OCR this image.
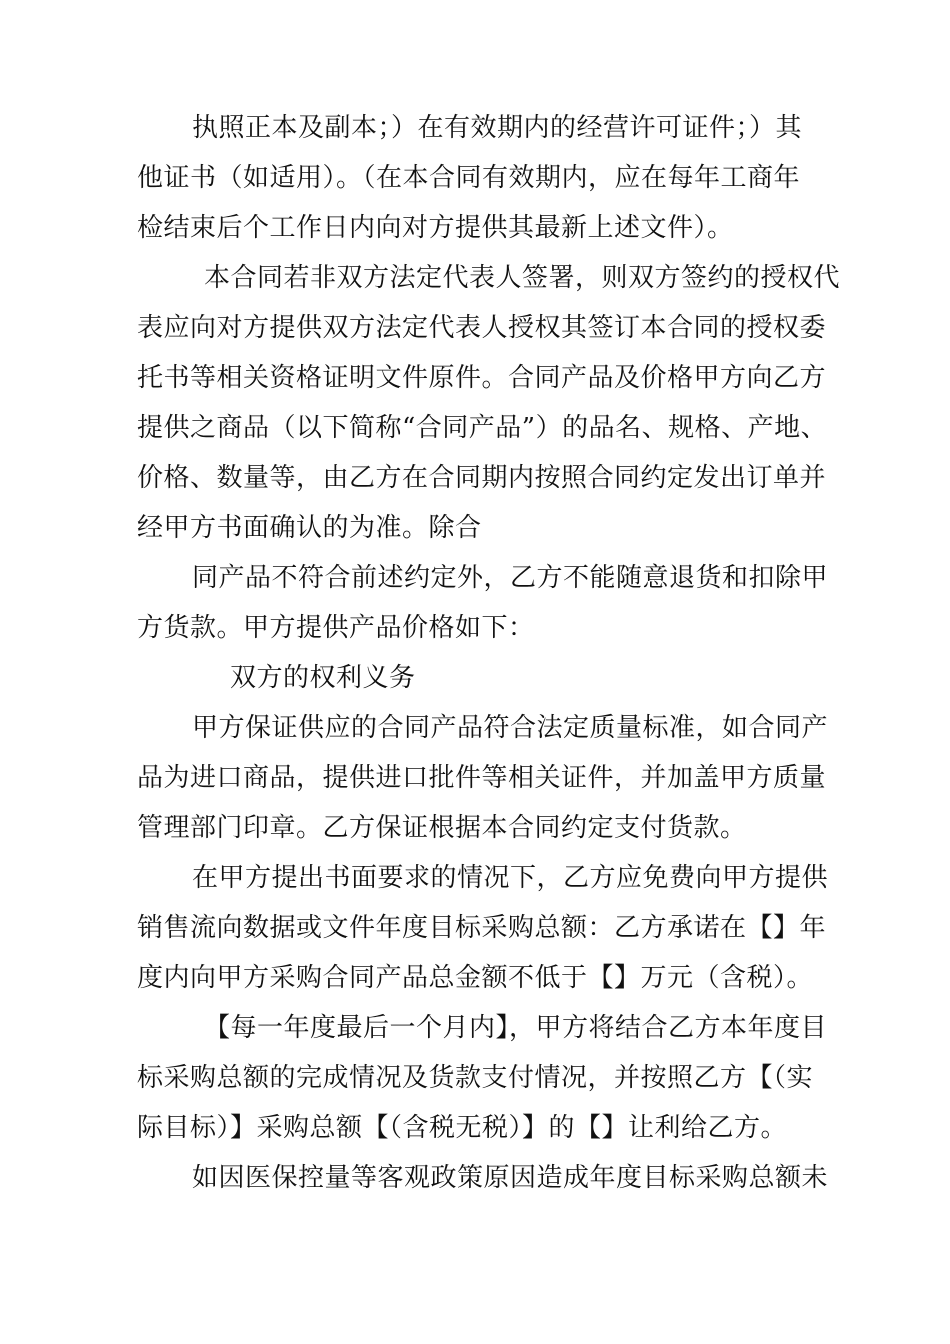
执照正本及副本；）在有效期内的经营许可证件；）其
他证书（如适用）。（在本合同有效期内，应在每年工商年
检结束后个工作日内向对方提供其最新上述文件）。
本合同若非双方法定代表人签署，则双方签约的授权代
表应向对方提供双方法定代表人授权其签订本合同的授权委
托书等相关资格证明文件原件。合同产品及价格甲方向乙方
提供之商品（以下简称“合同产品”）的品名、规格、产地、
价格、数量等，由乙方在合同期内按照合同约定发出订单并
经甲方书面确认的为准。除合
同产品不符合前述约定外，乙方不能随意退货和扣除甲
方货款。甲方提供产品价格如下：
双方的权利义务
甲方保证供应的合同产品符合法定质量标准，如合同产
品为进口商品，提供进口批件等相关证件，并加盖甲方质量
管理部门印章。乙方保证根据本合同约定支付货款。
在甲方提出书面要求的情况下，乙方应免费向甲方提供
销售流向数据或文件年度目标采购总额：乙方承诺在【】年
度内向甲方采购合同产品总金额不低于【】万元（含税）。
【每一年度最后一个月内】，甲方将结合乙方本年度目
标采购总额的完成情况及货款支付情况，并按照乙方【（实
际目标）】采购总额【（含税无税）】的【】让利给乙方。
如因医保控量等客观政策原因造成年度目标采购总额未
